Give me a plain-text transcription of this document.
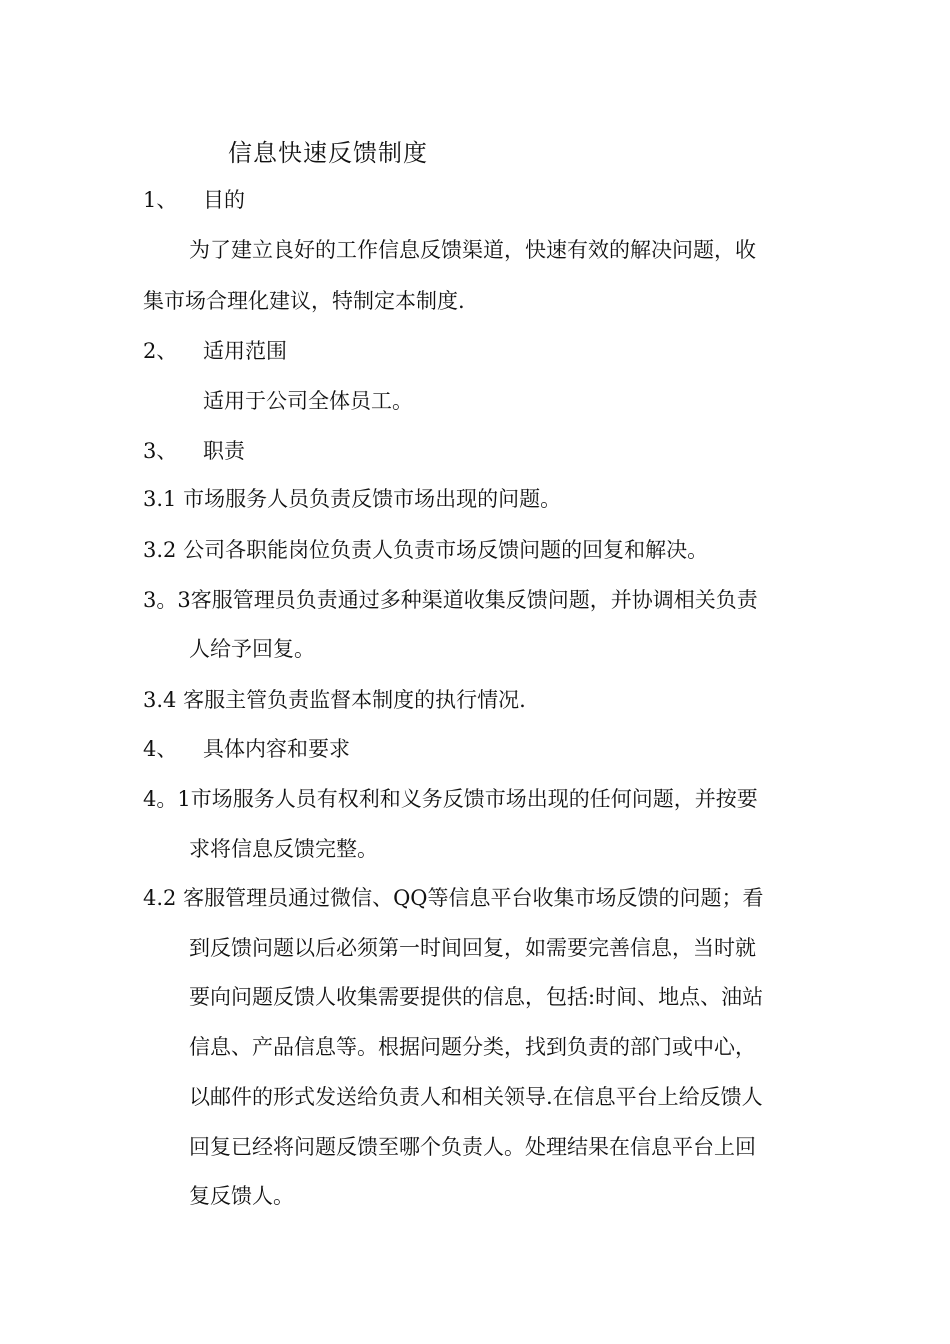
信息快速反馈制度
1、 目的
为了建立良好的工作信息反馈渠道，快速有效的解决问题，收
集市场合理化建议，特制定本制度.
2、 适用范围
适用于公司全体员工。
3、 职责
3.1 市场服务人员负责反馈市场出现的问题。
3.2 公司各职能岗位负责人负责市场反馈问题的回复和解决。
3。3客服管理员负责通过多种渠道收集反馈问题，并协调相关负责
人给予回复。
3.4 客服主管负责监督本制度的执行情况.
4、 具体内容和要求
4。1市场服务人员有权利和义务反馈市场出现的任何问题，并按要
求将信息反馈完整。
4.2 客服管理员通过微信、QQ等信息平台收集市场反馈的问题；看
到反馈问题以后必须第一时间回复，如需要完善信息，当时就
要向问题反馈人收集需要提供的信息，包括:时间、地点、油站
信息、产品信息等。根据问题分类，找到负责的部门或中心，
以邮件的形式发送给负责人和相关领导.在信息平台上给反馈人
回复已经将问题反馈至哪个负责人。处理结果在信息平台上回
复反馈人。
